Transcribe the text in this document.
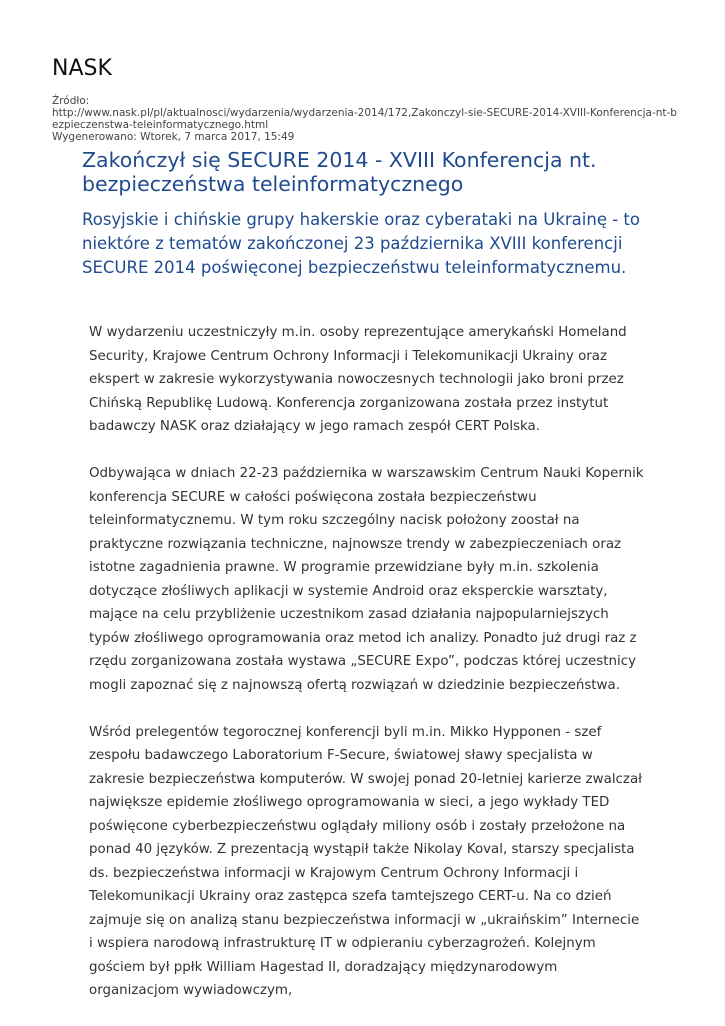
NASK
Źródło:
http://www.nask.pl/pl/aktualnosci/wydarzenia/wydarzenia-2014/172,Zakonczyl-sie-SECURE-2014-XVIII-Konferencja-nt-bezpieczenstwa-teleinformatycznego.html
Wygenerowano: Wtorek, 7 marca 2017, 15:49
Zakończył się SECURE 2014 - XVIII Konferencja nt. bezpieczeństwa teleinformatycznego
Rosyjskie i chińskie grupy hakerskie oraz cyberataki na Ukrainę - to niektóre z tematów zakończonej 23 października XVIII konferencji SECURE 2014 poświęconej bezpieczeństwu teleinformatycznemu.

W wydarzeniu uczestniczyły m.in. osoby reprezentujące amerykański Homeland Security, Krajowe Centrum Ochrony Informacji i Telekomunikacji Ukrainy oraz ekspert w zakresie wykorzystywania nowoczesnych technologii jako broni przez Chińską Republikę Ludową. Konferencja zorganizowana została przez instytut badawczy NASK oraz działający w jego ramach zespół CERT Polska.

Odbywająca w dniach 22-23 października w warszawskim Centrum Nauki Kopernik konferencja SECURE w całości poświęcona została bezpieczeństwu teleinformatycznemu. W tym roku szczególny nacisk położony zoostał na praktyczne rozwiązania techniczne, najnowsze trendy w zabezpieczeniach oraz istotne zagadnienia prawne. W programie przewidziane były m.in. szkolenia dotyczące złośliwych aplikacji w systemie Android oraz eksperckie warsztaty, mające na celu przybliżenie uczestnikom zasad działania najpopularniejszych typów złośliwego oprogramowania oraz metod ich analizy. Ponadto już drugi raz z rzędu zorganizowana została wystawa „SECURE Expo”, podczas której uczestnicy mogli zapoznać się z najnowszą ofertą rozwiązań w dziedzinie bezpieczeństwa.

Wśród prelegentów tegorocznej konferencji byli m.in. Mikko Hypponen - szef zespołu badawczego Laboratorium F-Secure, światowej sławy specjalista w zakresie bezpieczeństwa komputerów. W swojej ponad 20-letniej karierze zwalczał największe epidemie złośliwego oprogramowania w sieci, a jego wykłady TED poświęcone cyberbezpieczeństwu oglądały miliony osób i zostały przełożone na ponad 40 języków. Z prezentacją wystąpił także Nikolay Koval, starszy specjalista ds. bezpieczeństwa informacji w Krajowym Centrum Ochrony Informacji i Telekomunikacji Ukrainy oraz zastępca szefa tamtejszego CERT-u. Na co dzień zajmuje się on analizą stanu bezpieczeństwa informacji w „ukraińskim” Internecie i wspiera narodową infrastrukturę IT w odpieraniu cyberzagrożeń. Kolejnym gościem był ppłk William Hagestad II, doradzający międzynarodowym organizacjom wywiadowczym,
